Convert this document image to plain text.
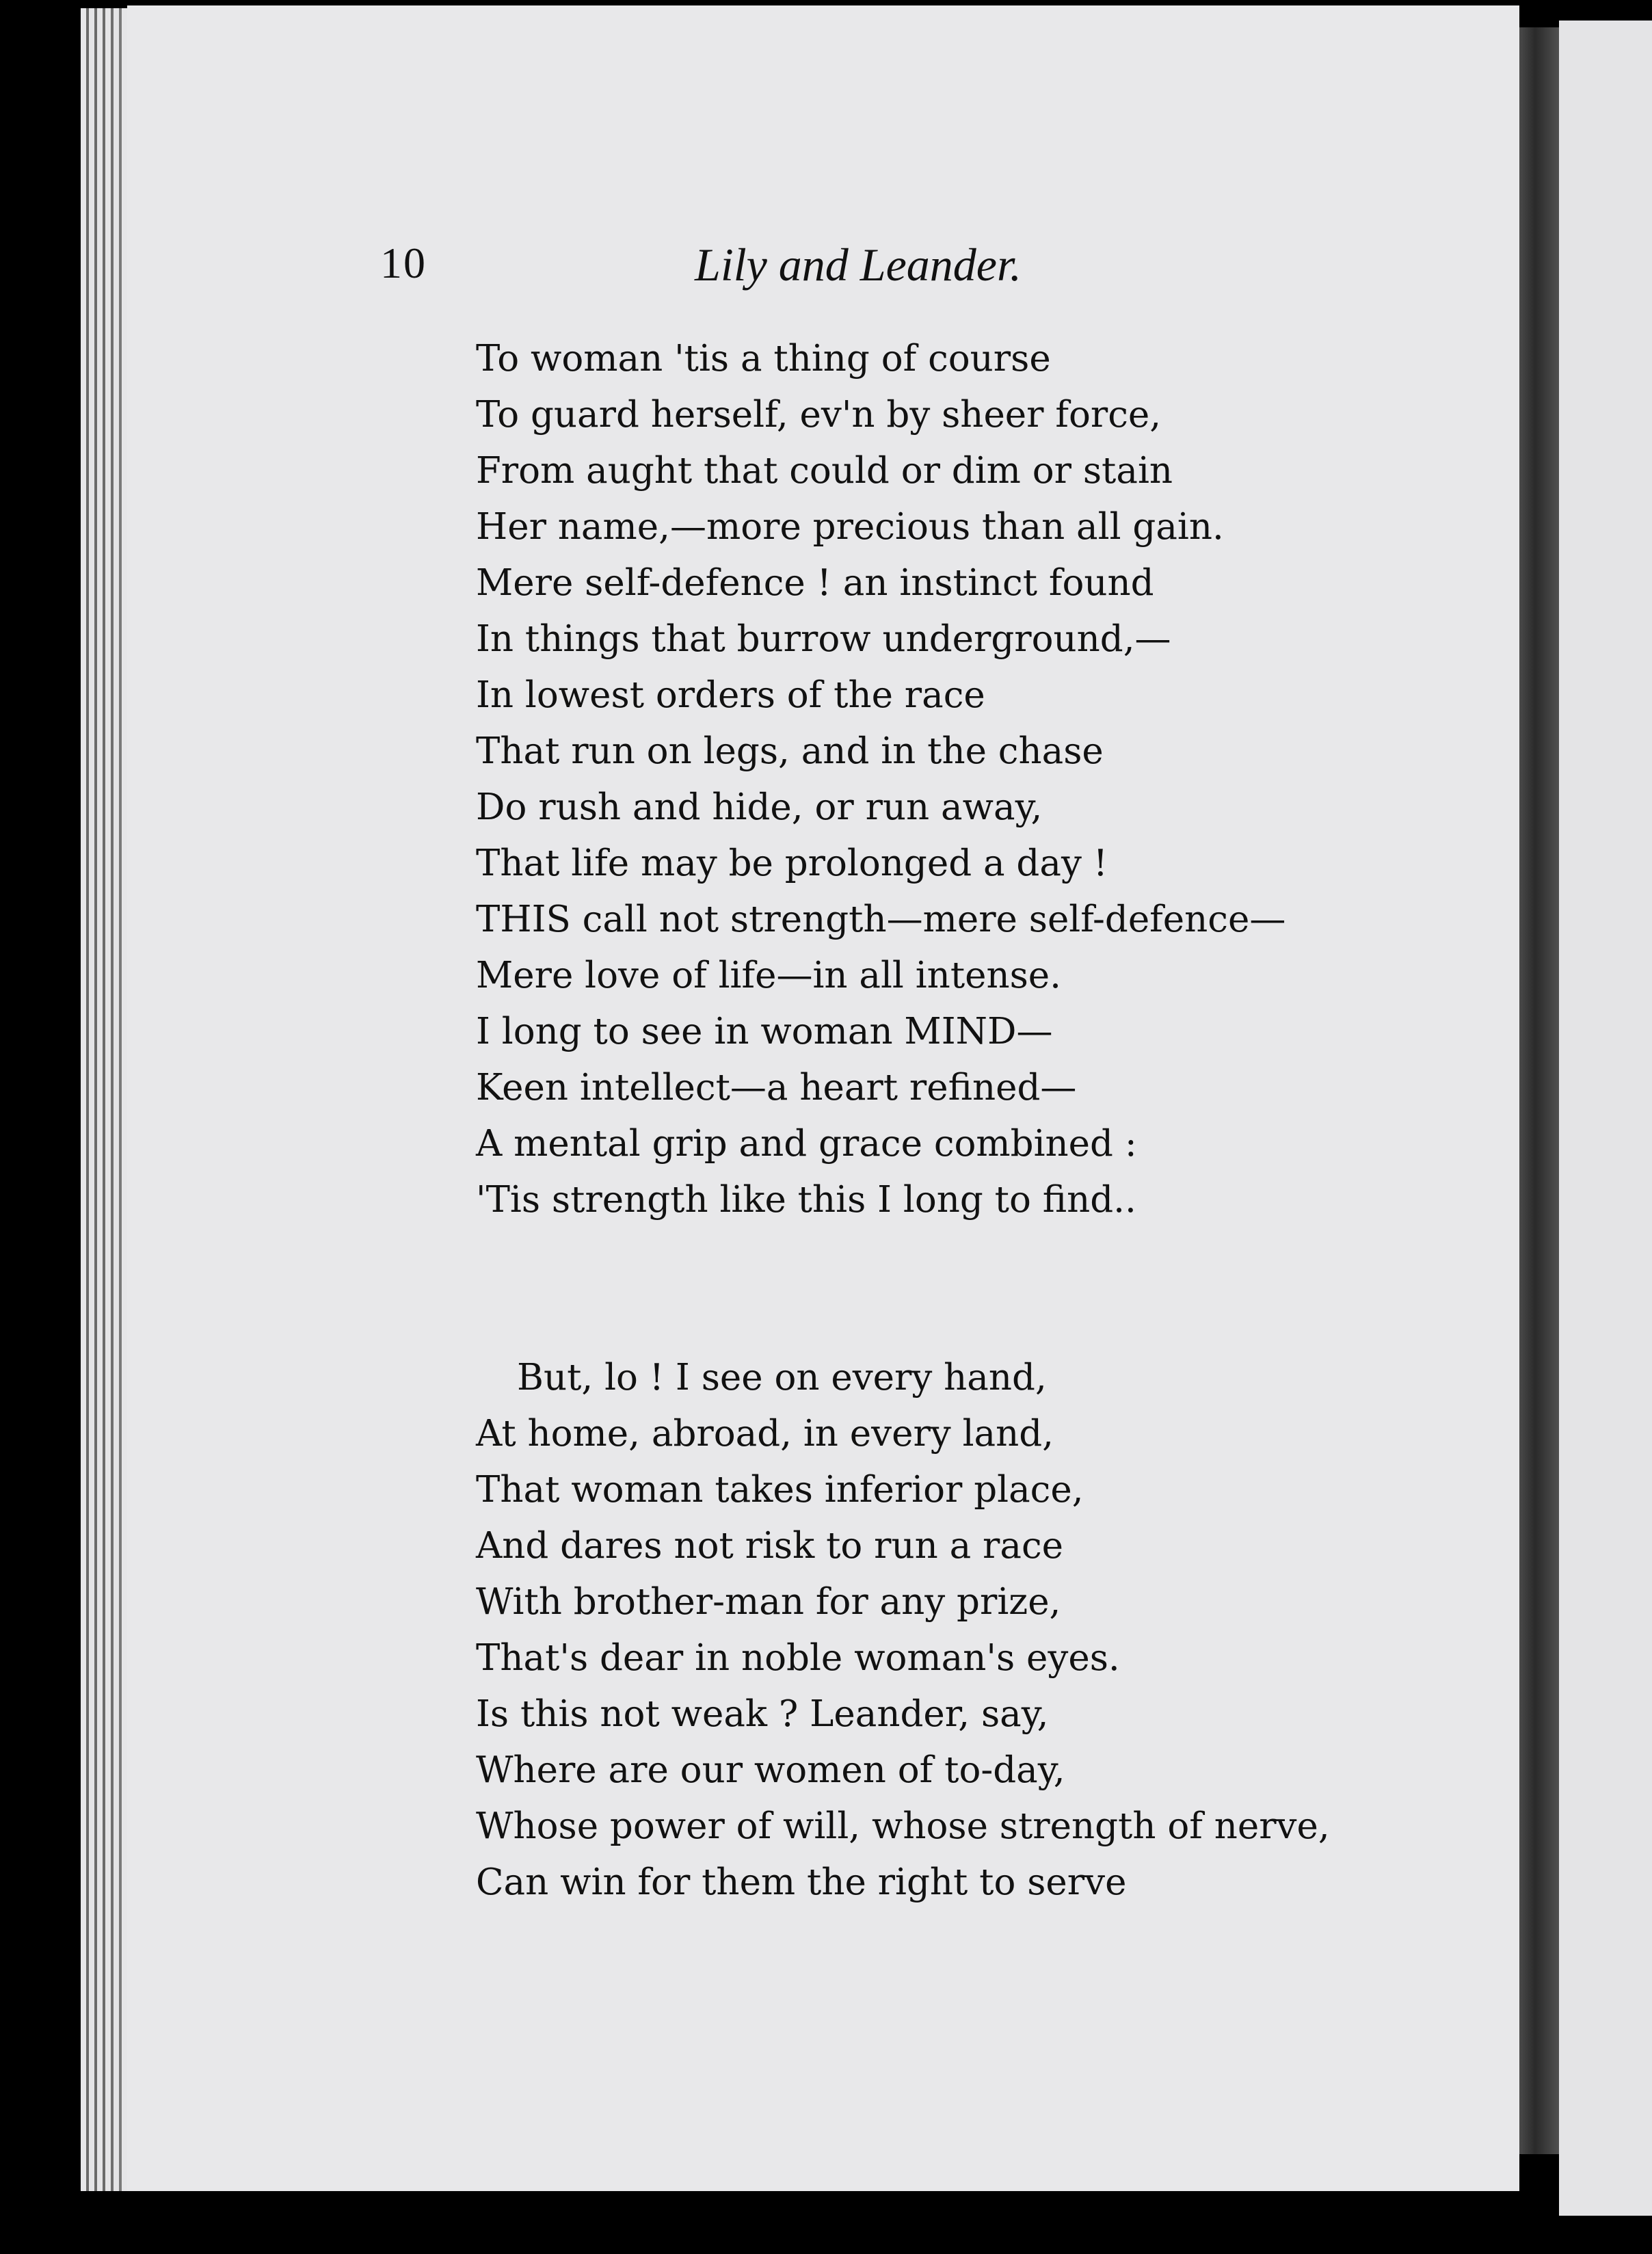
10	Lily and Leander.
To woman 'tis a thing of course
To guard herself, ev'n by sheer force,
From aught that could or dim or stain
Her name,—more precious than all gain.
Mere self-defence ! an instinct found
In things that burrow underground,—
In lowest orders of the race
That run on legs, and in the chase
Do rush and hide, or run away,
That life may be prolonged a day !
THIS call not strength—mere self-defence—
Mere love of life—in all intense.
I long to see in woman MIND—
Keen intellect—a heart refined—
A mental grip and grace combined :
'Tis strength like this I long to find..
But, lo ! I see on every hand,
At home, abroad, in every land,
That woman takes inferior place,
And dares not risk to run a race
With brother-man for any prize,
That's dear in noble woman's eyes.
Is this not weak ? Leander, say,
Where are our women of to-day,
Whose power of will, whose strength of nerve,
Can win for them the right to serve
